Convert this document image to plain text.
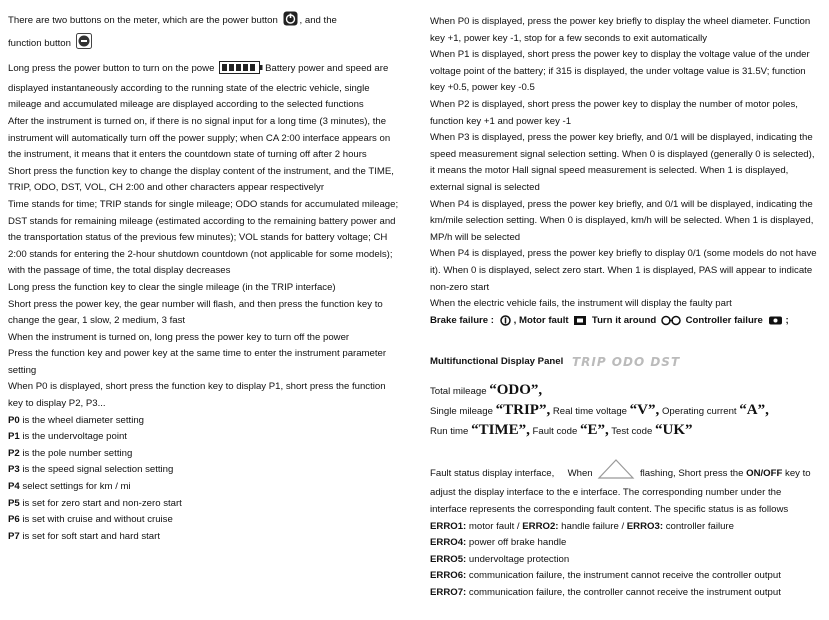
There are two buttons on the meter, which are the power button , and the
function button

Long press the power button to turn on the powe	Battery power and speed are displayed instantaneously according to the running state of the electric vehicle, single mileage and accumulated mileage are displayed according to the selected functions

After the instrument is turned on, if there is no signal input for a long time (3 minutes), the instrument will automatically turn off the power supply; when CA 2:00 interface appears on the instrument, it means that it enters the countdown state of turning off after 2 hours

Short press the function key to change the display content of the instrument, and the TIME, TRIP, ODO, DST, VOL, CH 2:00 and other characters appear respectivelyr

Time stands for time; TRIP stands for single mileage; ODO stands for accumulated mileage; DST stands for remaining mileage (estimated according to the remaining battery power and the transportation status of the previous few minutes); VOL stands for battery voltage; CH 2:00 stands for entering the 2-hour shutdown countdown (not applicable for some models); with the passage of time, the total display decreases

Long press the function key to clear the single mileage (in the TRIP interface)

Short press the power key, the gear number will flash, and then press the function key to change the gear, 1 slow, 2 medium, 3 fast

When the instrument is turned on, long press the power key to turn off the power

Press the function key and power key at the same time to enter the instrument parameter setting

When P0 is displayed, short press the function key to display P1, short press the function key to display P2, P3...

P0 is the wheel diameter setting

P1 is the undervoltage point

P2 is the pole number setting

P3 is the speed signal selection setting

P4 select settings for km / mi

P5 is set for zero start and non-zero start

P6 is set with cruise and without cruise

P7 is set for soft start and hard start

When P0 is displayed, press the power key briefly to display the wheel diameter. Function key +1, power key -1, stop for a few seconds to exit automatically

When P1 is displayed, short press the power key to display the voltage value of the under voltage point of the battery; if 315 is displayed, the under voltage value is 31.5V; function key +0.5, power key -0.5

When P2 is displayed, short press the power key to display the number of motor poles, function key +1 and power key -1

When P3 is displayed, press the power key briefly, and 0/1 will be displayed, indicating the speed measurement signal selection setting. When 0 is displayed (generally 0 is selected), it means the motor Hall signal speed measurement is selected. When 1 is displayed, external signal is selected

When P4 is displayed, press the power key briefly, and 0/1 will be displayed, indicating the km/mile selection setting. When 0 is displayed, km/h will be selected. When 1 is displayed, MP/h will be selected

When P4 is displayed, press the power key briefly to display 0/1 (some models do not have it). When 0 is displayed, select zero start. When 1 is displayed, PAS will appear to indicate non-zero start

When the electric vehicle fails, the instrument will display the faulty part

Brake failure : , Motor fault Turn it around	Controller failure ;

Multifunctional Display Panel TRIP ODO DST

Total mileage “ODO”,

Single mileage “TRIP”, Real time voltage “V”, Operating current “A”,

Run time “TIME”, Fault code “E”, Test code “UK”

Fault status display interface, When	flashing, Short press the ON/OFF key to adjust the display interface to the e interface. The corresponding number under the interface represents the corresponding fault content. The specific status is as follows

ERRO1: motor fault / ERRO2: handle failure / ERRO3: controller failure

ERRO4: power off brake handle

ERRO5: undervoltage protection

ERRO6: communication failure, the instrument cannot receive the controller output

ERRO7: communication failure, the controller cannot receive the instrument output
